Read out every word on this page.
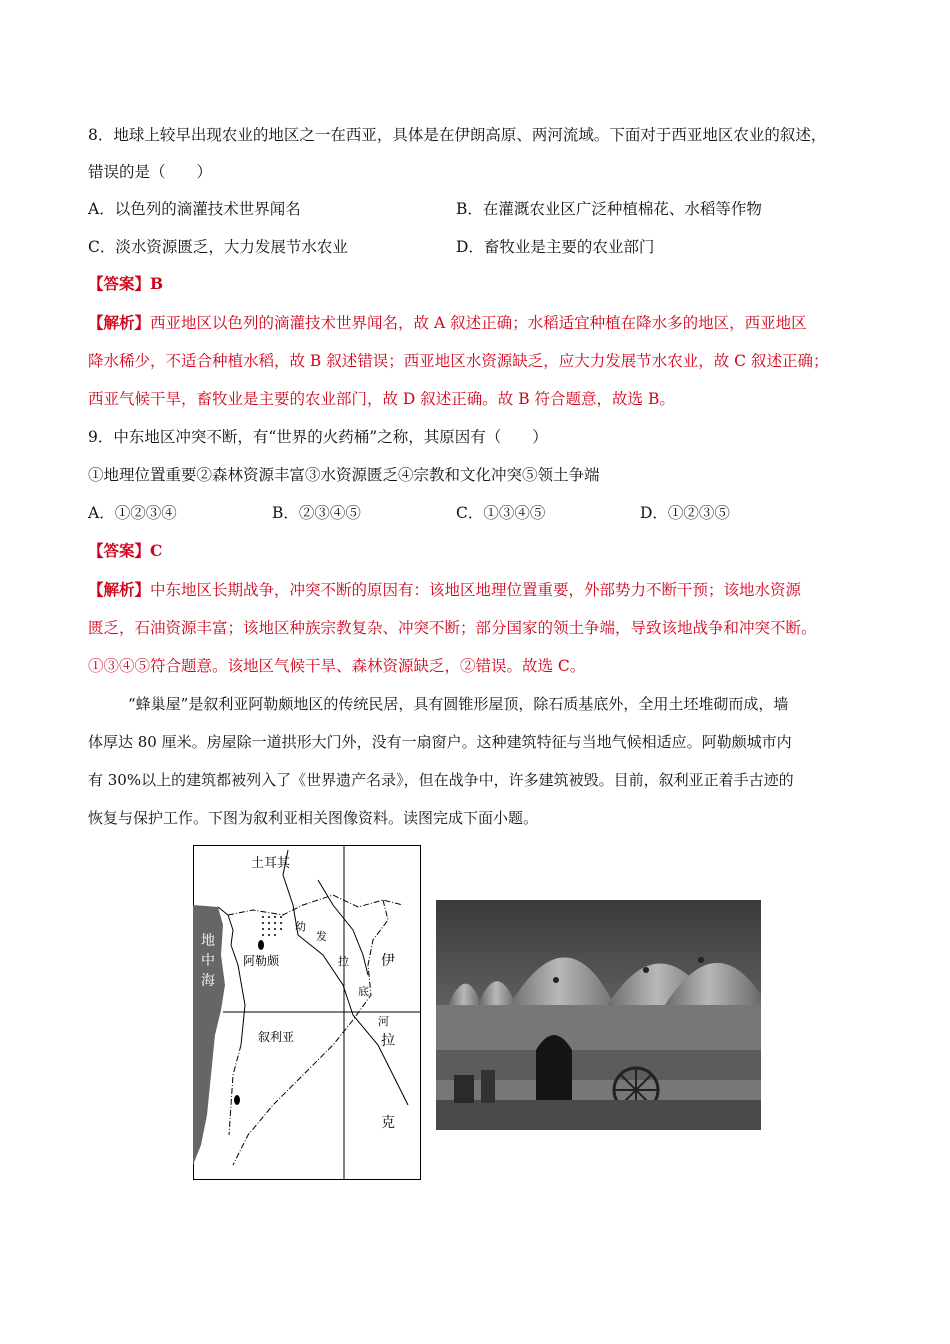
8．地球上较早出现农业的地区之一在西亚，具体是在伊朗高原、两河流域。下面对于西亚地区农业的叙述，
错误的是（　　）
A．以色列的滴灌技术世界闻名	B．在灌溉农业区广泛种植棉花、水稻等作物
C．淡水资源匮乏，大力发展节水农业	D．畜牧业是主要的农业部门
【答案】B
【解析】西亚地区以色列的滴灌技术世界闻名，故 A 叙述正确；水稻适宜种植在降水多的地区，西亚地区
降水稀少，不适合种植水稻，故 B 叙述错误；西亚地区水资源缺乏，应大力发展节水农业，故 C 叙述正确；
西亚气候干旱，畜牧业是主要的农业部门，故 D 叙述正确。故 B 符合题意，故选 B。
9．中东地区冲突不断，有“世界的火药桶”之称，其原因有（　　）
①地理位置重要②森林资源丰富③水资源匮乏④宗教和文化冲突⑤领土争端
A．①②③④	B．②③④⑤	C．①③④⑤	D．①②③⑤
【答案】C
【解析】中东地区长期战争，冲突不断的原因有：该地区地理位置重要，外部势力不断干预；该地水资源
匮乏，石油资源丰富；该地区种族宗教复杂、冲突不断；部分国家的领土争端，导致该地战争和冲突不断。
①③④⑤符合题意。该地区气候干旱、森林资源缺乏，②错误。故选 C。
“蜂巢屋”是叙利亚阿勒颇地区的传统民居，具有圆锥形屋顶，除石质基底外，全用土坯堆砌而成，墙
体厚达 80 厘米。房屋除一道拱形大门外，没有一扇窗户。这种建筑特征与当地气候相适应。阿勒颇城市内
有 30%以上的建筑都被列入了《世界遗产名录》，但在战争中，许多建筑被毁。目前，叙利亚正着手古迹的
恢复与保护工作。下图为叙利亚相关图像资料。读图完成下面小题。
土耳其
地
中
海
阿勒颇
叙利亚
幼
发
拉
底
河
伊
拉
克
